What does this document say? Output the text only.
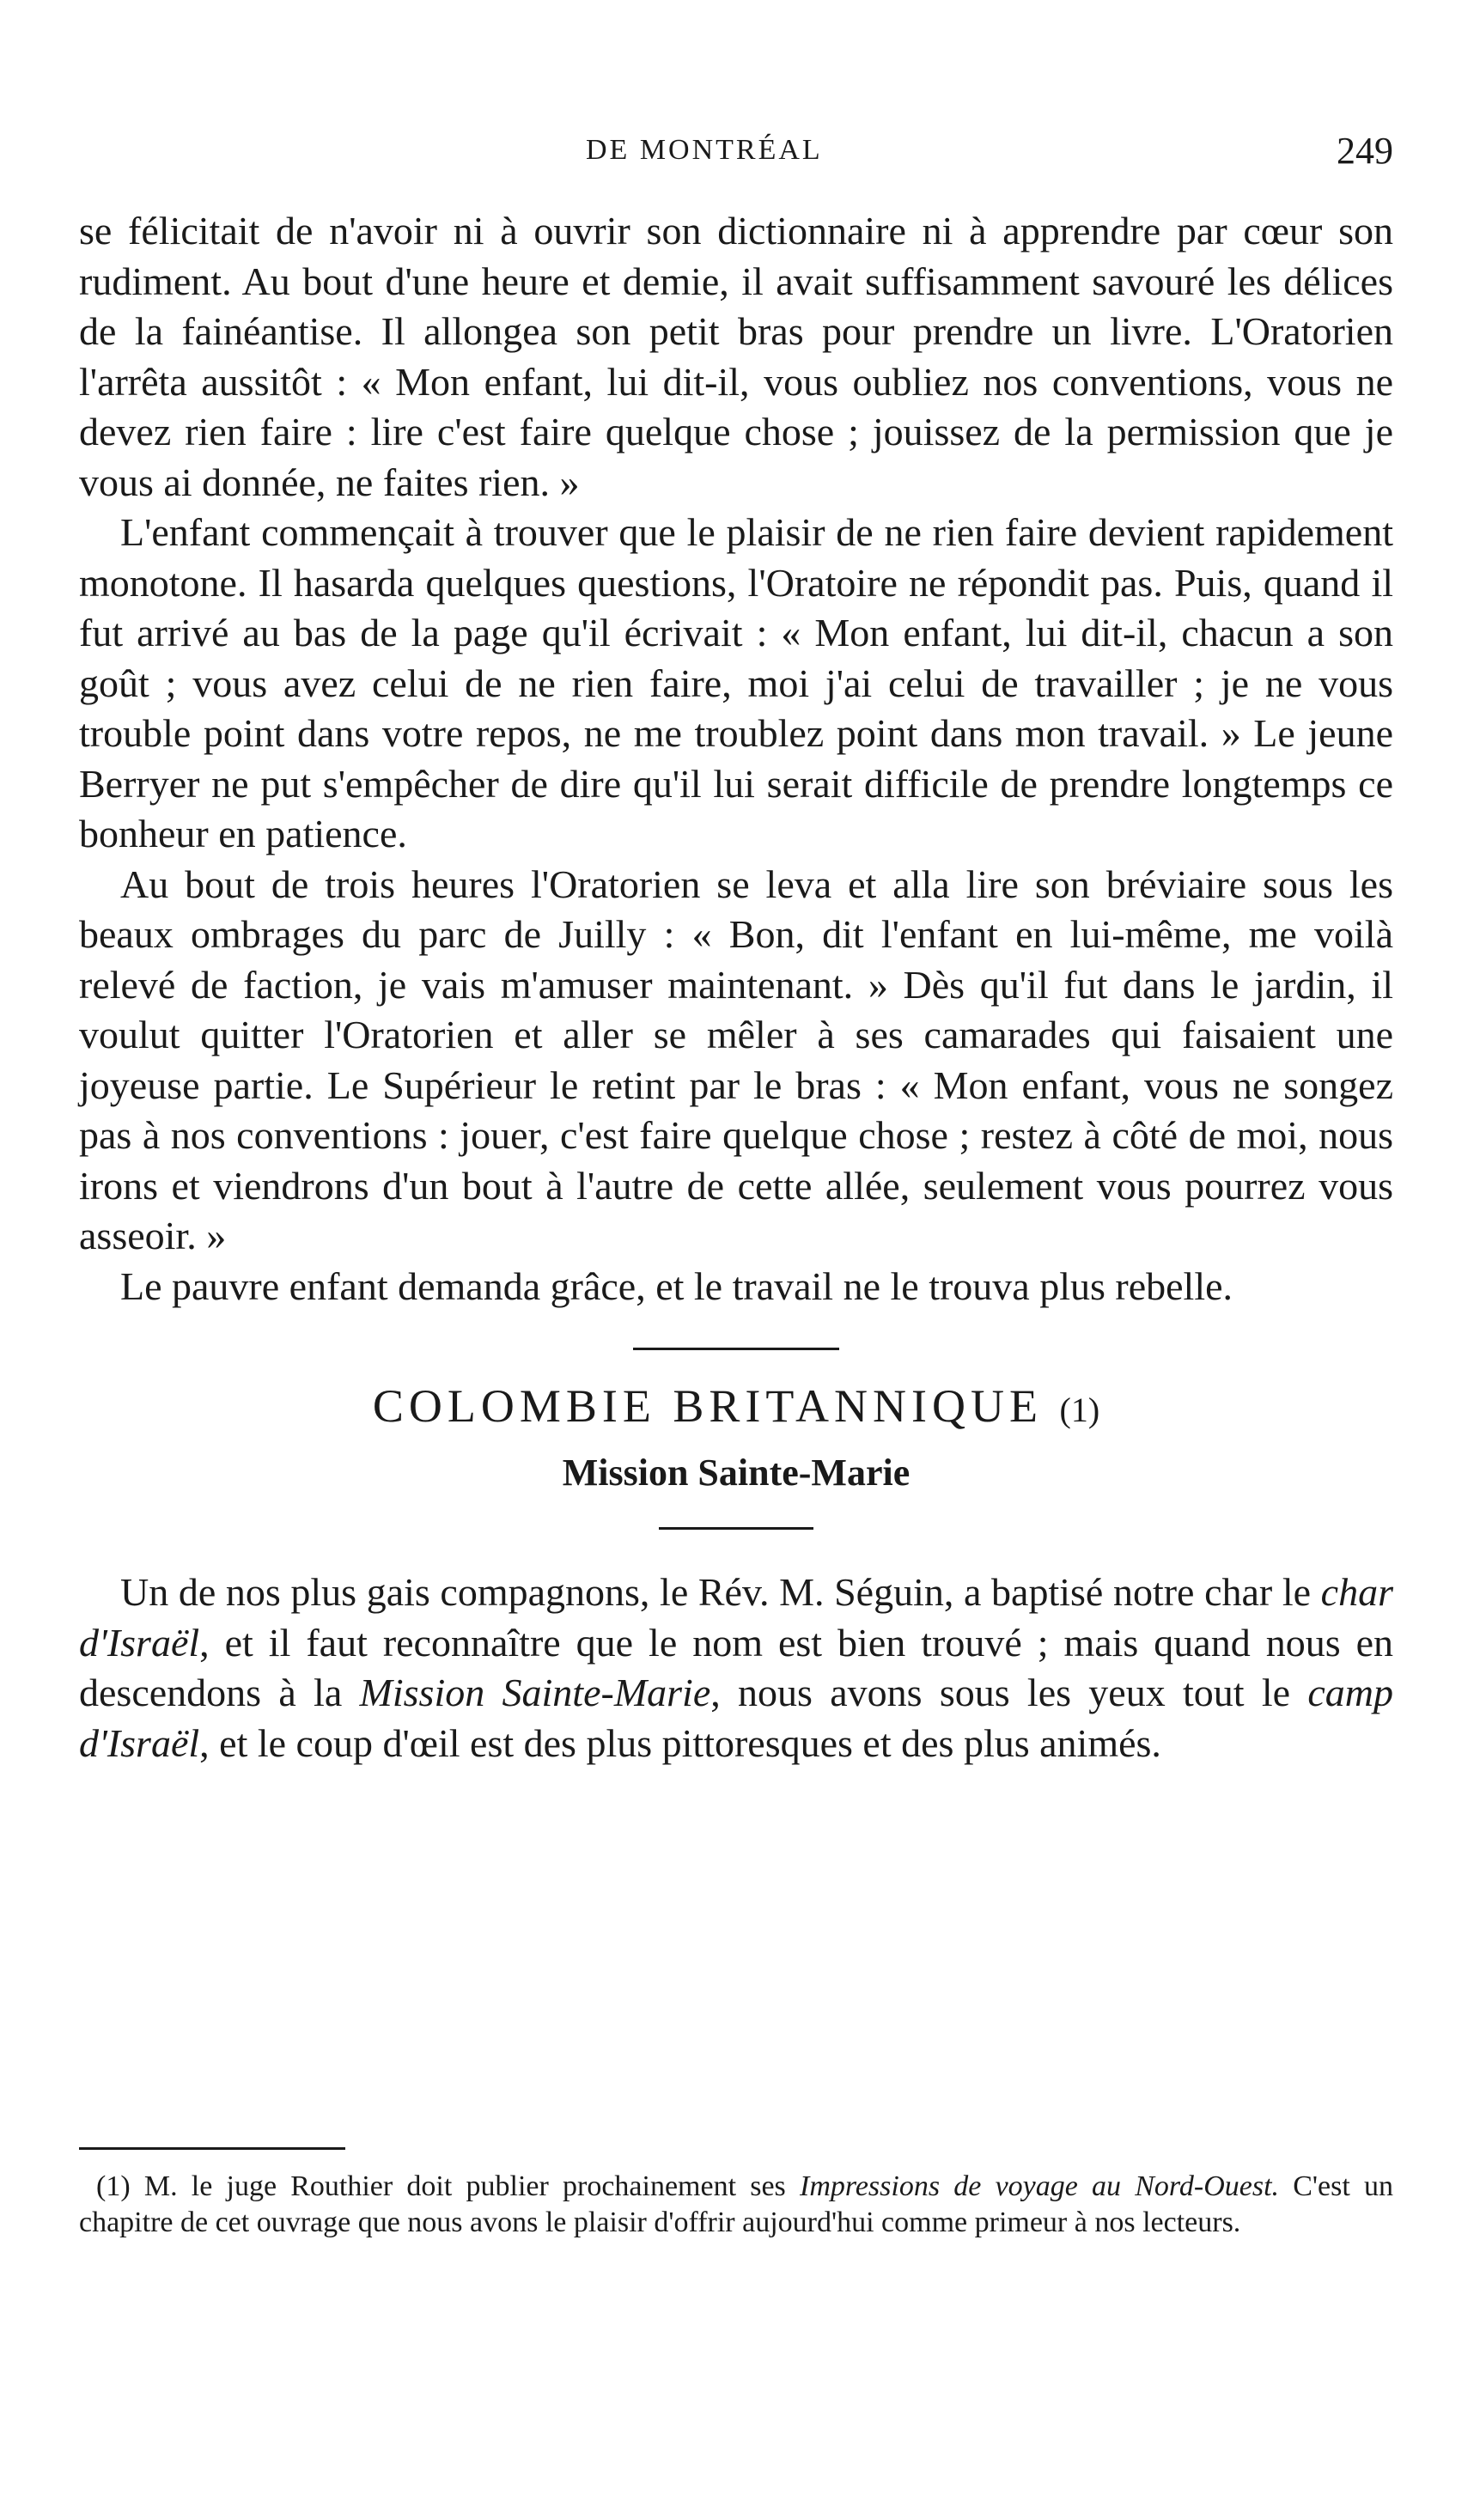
DE MONTRÉAL	249

se félicitait de n'avoir ni à ouvrir son dictionnaire ni à apprendre par cœur son rudiment. Au bout d'une heure et demie, il avait suffisamment savouré les délices de la fainéantise. Il allongea son petit bras pour prendre un livre. L'Oratorien l'arrêta aussitôt : « Mon enfant, lui dit-il, vous oubliez nos conventions, vous ne devez rien faire : lire c'est faire quelque chose ; jouissez de la permission que je vous ai donnée, ne faites rien. »

L'enfant commençait à trouver que le plaisir de ne rien faire devient rapidement monotone. Il hasarda quelques questions, l'Oratoire ne répondit pas. Puis, quand il fut arrivé au bas de la page qu'il écrivait : « Mon enfant, lui dit-il, chacun a son goût ; vous avez celui de ne rien faire, moi j'ai celui de travailler ; je ne vous trouble point dans votre repos, ne me troublez point dans mon travail. » Le jeune Berryer ne put s'empêcher de dire qu'il lui serait difficile de prendre longtemps ce bonheur en patience.

Au bout de trois heures l'Oratorien se leva et alla lire son bréviaire sous les beaux ombrages du parc de Juilly : « Bon, dit l'enfant en lui-même, me voilà relevé de faction, je vais m'amuser maintenant. » Dès qu'il fut dans le jardin, il voulut quitter l'Oratorien et aller se mêler à ses camarades qui faisaient une joyeuse partie. Le Supérieur le retint par le bras : « Mon enfant, vous ne songez pas à nos conventions : jouer, c'est faire quelque chose ; restez à côté de moi, nous irons et viendrons d'un bout à l'autre de cette allée, seulement vous pourrez vous asseoir. »

Le pauvre enfant demanda grâce, et le travail ne le trouva plus rebelle.

COLOMBIE BRITANNIQUE (1)

Mission Sainte-Marie

Un de nos plus gais compagnons, le Rév. M. Séguin, a baptisé notre char le char d'Israël, et il faut reconnaître que le nom est bien trouvé ; mais quand nous en descendons à la Mission Sainte-Marie, nous avons sous les yeux tout le camp d'Israël, et le coup d'œil est des plus pittoresques et des plus animés.

(1) M. le juge Routhier doit publier prochainement ses Impressions de voyage au Nord-Ouest. C'est un chapitre de cet ouvrage que nous avons le plaisir d'offrir aujourd'hui comme primeur à nos lecteurs.
